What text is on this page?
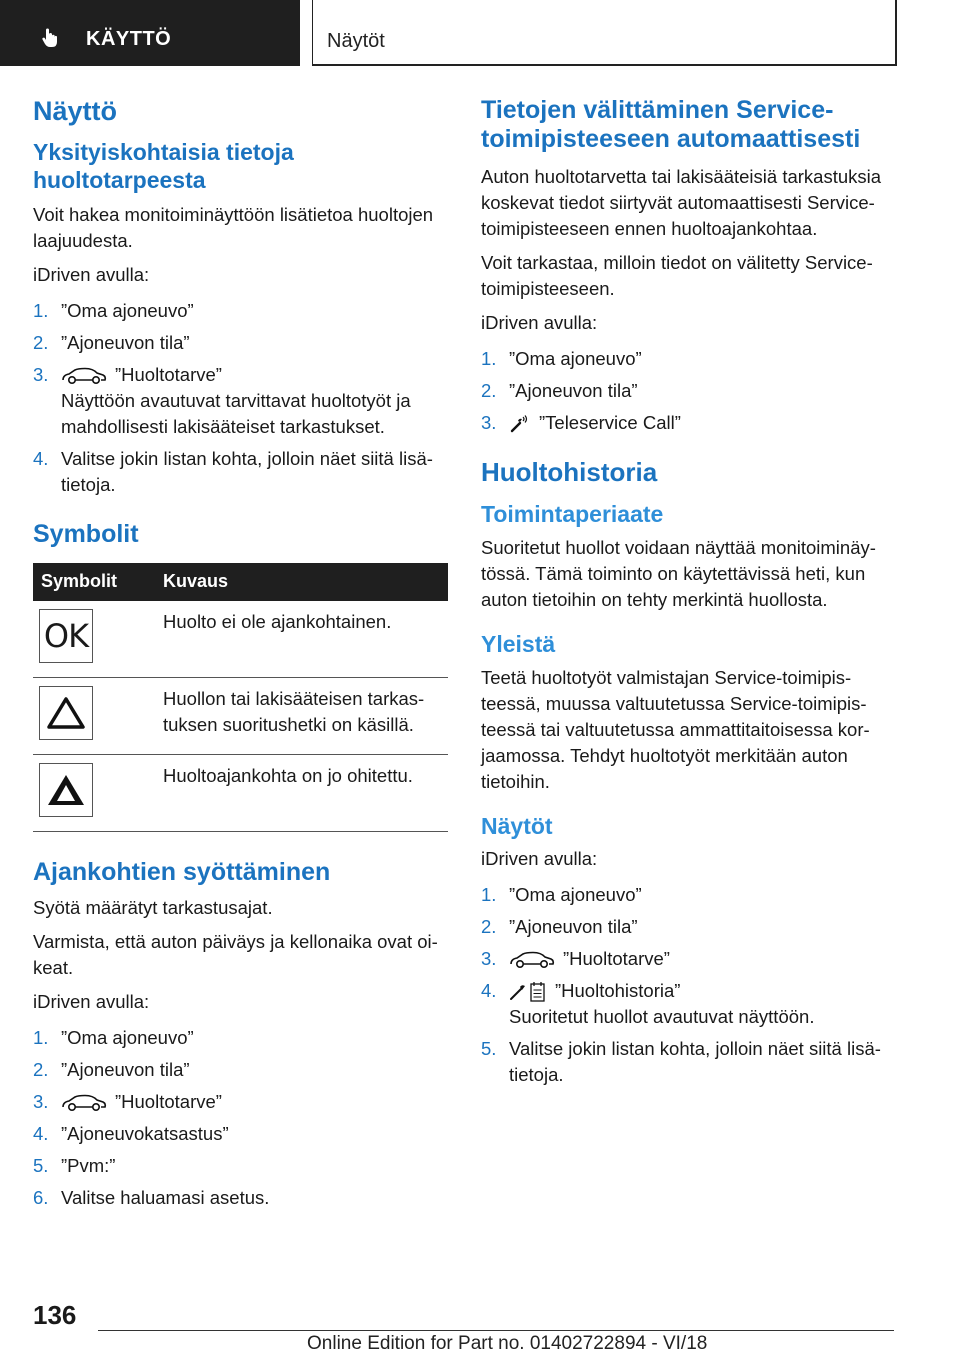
KÄYTTÖ	Näytöt
Näyttö
Yksityiskohtaisia tietoja huoltotarpeesta

Voit hakea monitoiminäyttöön lisätietoa huoltojen laajuudesta.

iDriven avulla:

1. ”Oma ajoneuvo”
2. ”Ajoneuvon tila”
3.	”Huoltotarve”
Näyttöön avautuvat tarvittavat huoltotyöt ja mahdollisesti lakisääteiset tarkastukset.
4. Valitse jokin listan kohta, jolloin näet siitä lisätietoja.
Symbolit
Symbolit	Kuvaus

OK	Huolto ei ole ajankohtainen.

	Huollon tai lakisääteisen tarkastuksen suoritushetki on käsillä.

	Huoltoajankohta on jo ohitettu.
Ajankohtien syöttäminen

Syötä määrätyt tarkastusajat.

Varmista, että auton päiväys ja kellonaika ovat oikeat.

iDriven avulla:

1. ”Oma ajoneuvo”
2. ”Ajoneuvon tila”
3.	”Huoltotarve”
4. ”Ajoneuvokatsastus”
5. ”Pvm:”
6. Valitse haluamasi asetus.
Tietojen välittäminen Service-toimipisteeseen automaattisesti

Auton huoltotarvetta tai lakisääteisiä tarkastuksia koskevat tiedot siirtyvät automaattisesti Service-toimipisteeseen ennen huoltoajankohtaa.

Voit tarkastaa, milloin tiedot on välitetty Service-toimipisteeseen.

iDriven avulla:

1. ”Oma ajoneuvo”
2. ”Ajoneuvon tila”
3. ”Teleservice Call”
Huoltohistoria
Toimintaperiaate

Suoritetut huollot voidaan näyttää monitoiminäytössä. Tämä toiminto on käytettävissä heti, kun auton tietoihin on tehty merkintä huollosta.

Yleistä

Teetä huoltotyöt valmistajan Service-toimipisteessä, muussa valtuutetussa Service-toimipisteessä tai valtuutetussa ammattitaitoisessa korjaamossa. Tehdyt huoltotyöt merkitään auton tietoihin.

Näytöt

iDriven avulla:

1. ”Oma ajoneuvo”
2. ”Ajoneuvon tila”
3.	”Huoltotarve”
4.	”Huoltohistoria”
Suoritetut huollot avautuvat näyttöön.
5. Valitse jokin listan kohta, jolloin näet siitä lisätietoja.
136
Online Edition for Part no. 01402722894 - VI/18
